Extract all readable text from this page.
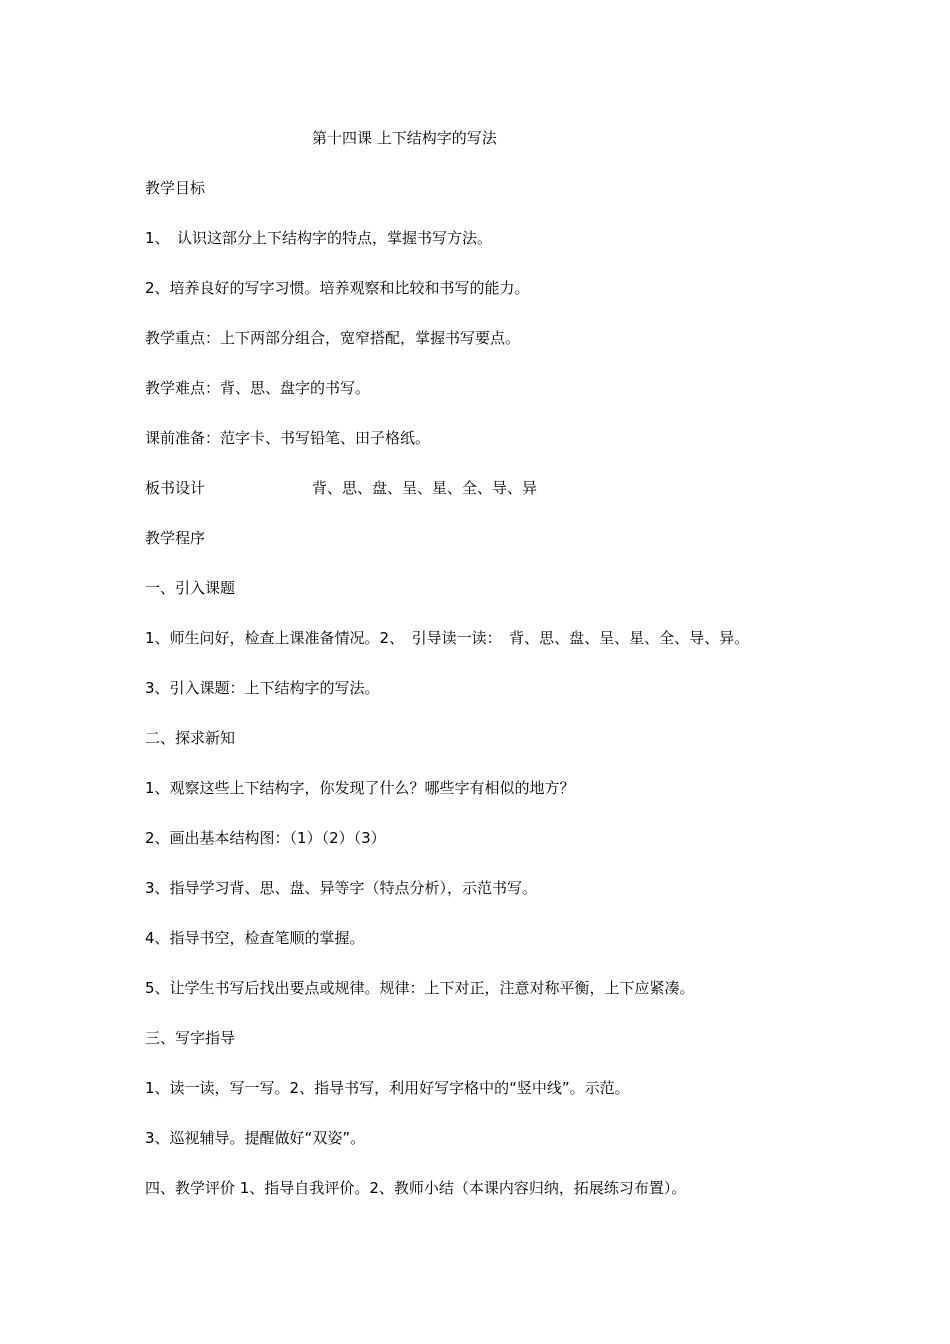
第十四课 上下结构字的写法
教学目标
1、　认识这部分上下结构字的特点，掌握书写方法。
2、培养良好的写字习惯。培养观察和比较和书写的能力。
教学重点：上下两部分组合，宽窄搭配，掌握书写要点。
教学难点：背、思、盘字的书写。
课前准备：范字卡、书写铅笔、田子格纸。
板书设计	背、思、盘、呈、星、全、导、异
教学程序
一、引入课题
1、师生问好，检查上课准备情况。2、　引导读一读：　背、思、盘、呈、星、全、导、异。
3、引入课题：上下结构字的写法。
二、探求新知
1、观察这些上下结构字，你发现了什么？哪些字有相似的地方？
2、画出基本结构图：（1）（2）（3）
3、指导学习背、思、盘、异等字（特点分析），示范书写。
4、指导书空，检查笔顺的掌握。
5、让学生书写后找出要点或规律。规律：上下对正，注意对称平衡，上下应紧凑。
三、写字指导
1、读一读，写一写。2、指导书写，利用好写字格中的“竖中线”。示范。
3、巡视辅导。提醒做好“双姿”。
四、教学评价 1、指导自我评价。2、教师小结（本课内容归纳，拓展练习布置）。
